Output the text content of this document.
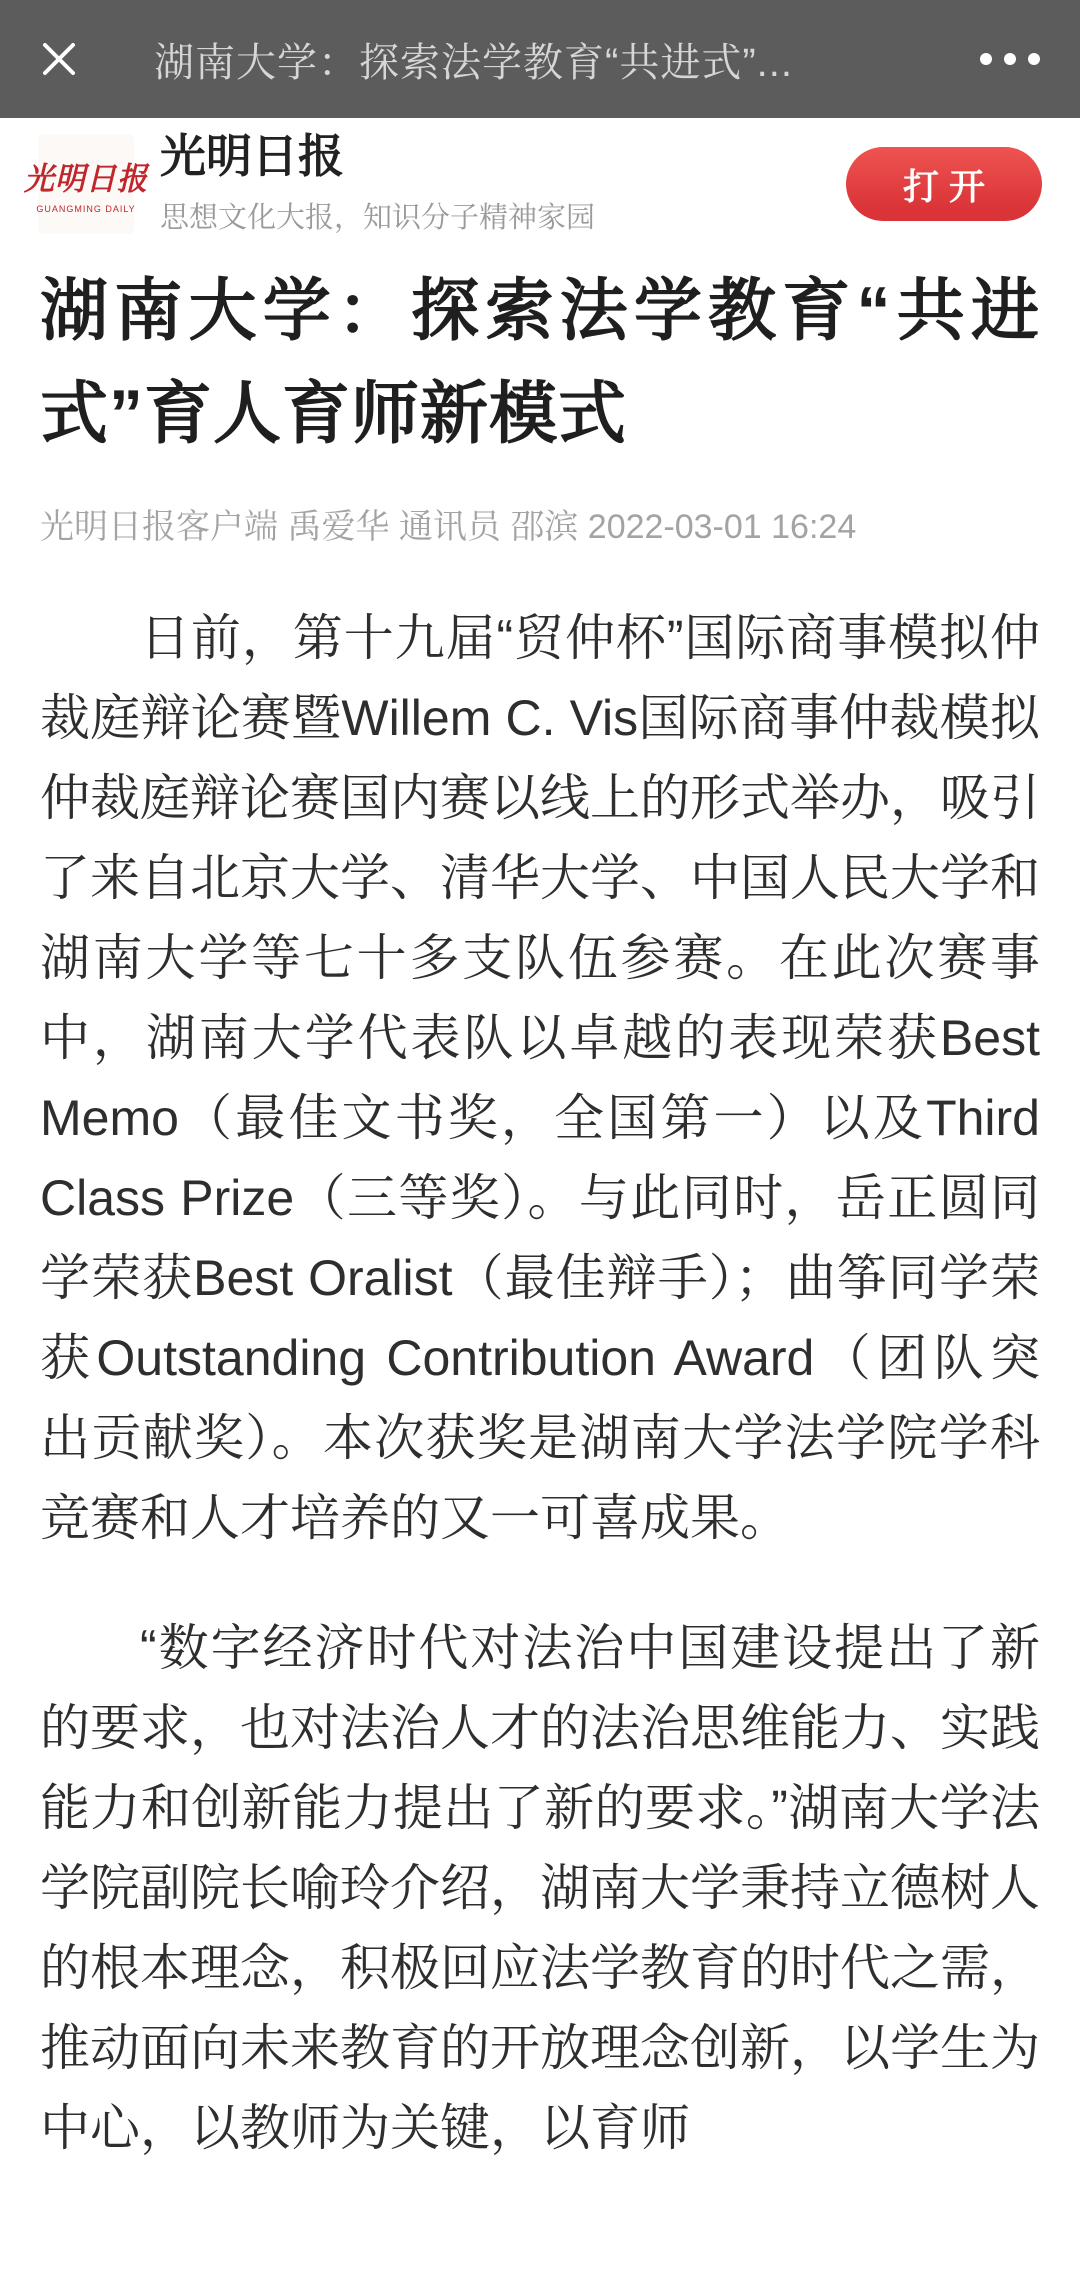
湖南大学：探索法学教育“共进式”...
光明日报
GUANGMING DAILY
光明日报
思想文化大报，知识分子精神家园
打开
湖南大学：探索法学教育“共进式”育人育师新模式
光明日报客户端 禹爱华 通讯员 邵滨 2022-03-01 16:24

日前，第十九届“贸仲杯”国际商事模拟仲裁庭辩论赛暨Willem C. Vis国际商事仲裁模拟仲裁庭辩论赛国内赛以线上的形式举办，吸引了来自北京大学、清华大学、中国人民大学和湖南大学等七十多支队伍参赛。在此次赛事中，湖南大学代表队以卓越的表现荣获Best Memo（最佳文书奖，全国第一）以及Third Class Prize（三等奖）。与此同时，岳正圆同学荣获Best Oralist（最佳辩手）；曲筝同学荣获Outstanding Contribution Award（团队突出贡献奖）。本次获奖是湖南大学法学院学科竞赛和人才培养的又一可喜成果。

“数字经济时代对法治中国建设提出了新的要求，也对法治人才的法治思维能力、实践能力和创新能力提出了新的要求。”湖南大学法学院副院长喻玲介绍，湖南大学秉持立德树人的根本理念，积极回应法学教育的时代之需，推动面向未来教育的开放理念创新，以学生为中心，以教师为关键，以育师
